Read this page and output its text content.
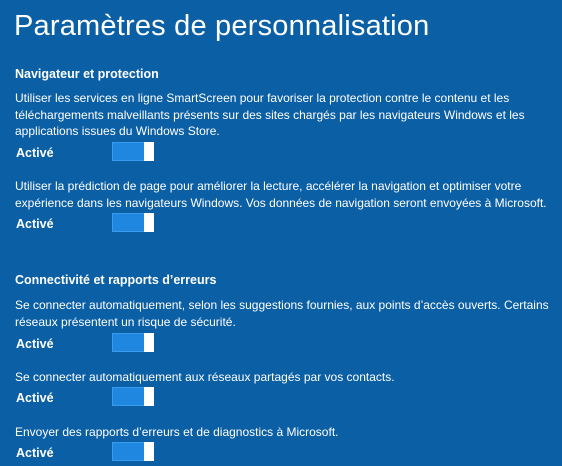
Paramètres de personnalisation
Navigateur et protection

Utiliser les services en ligne SmartScreen pour favoriser la protection contre le contenu et les téléchargements malveillants présents sur des sites chargés par les navigateurs Windows et les applications issues du Windows Store.

Activé

Utiliser la prédiction de page pour améliorer la lecture, accélérer la navigation et optimiser votre expérience dans les navigateurs Windows. Vos données de navigation seront envoyées à Microsoft.

Activé
Connectivité et rapports d’erreurs

Se connecter automatiquement, selon les suggestions fournies, aux points d’accès ouverts. Certains réseaux présentent un risque de sécurité.

Activé

Se connecter automatiquement aux réseaux partagés par vos contacts.

Activé

Envoyer des rapports d’erreurs et de diagnostics à Microsoft.

Activé
